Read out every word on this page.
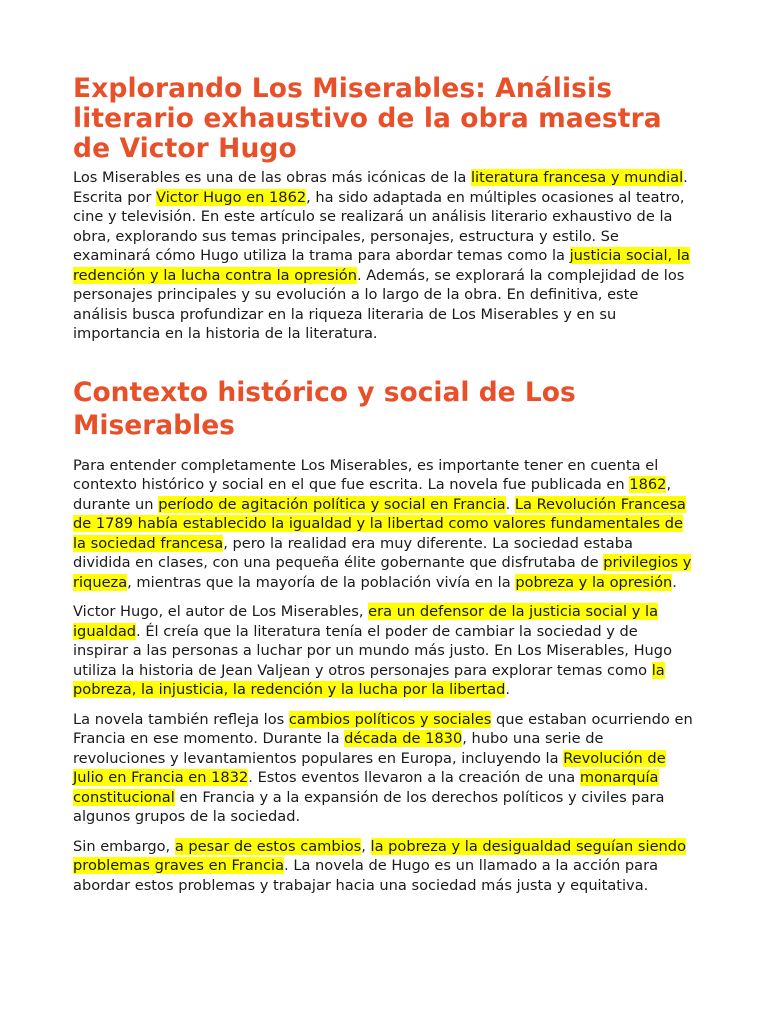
Explorando Los Miserables: Análisis literario exhaustivo de la obra maestra de Victor Hugo

Los Miserables es una de las obras más icónicas de la literatura francesa y mundial. Escrita por Victor Hugo en 1862, ha sido adaptada en múltiples ocasiones al teatro, cine y televisión. En este artículo se realizará un análisis literario exhaustivo de la obra, explorando sus temas principales, personajes, estructura y estilo. Se examinará cómo Hugo utiliza la trama para abordar temas como la justicia social, la redención y la lucha contra la opresión. Además, se explorará la complejidad de los personajes principales y su evolución a lo largo de la obra. En definitiva, este análisis busca profundizar en la riqueza literaria de Los Miserables y en su importancia en la historia de la literatura.

Contexto histórico y social de Los Miserables

Para entender completamente Los Miserables, es importante tener en cuenta el contexto histórico y social en el que fue escrita. La novela fue publicada en 1862, durante un período de agitación política y social en Francia. La Revolución Francesa de 1789 había establecido la igualdad y la libertad como valores fundamentales de la sociedad francesa, pero la realidad era muy diferente. La sociedad estaba dividida en clases, con una pequeña élite gobernante que disfrutaba de privilegios y riqueza, mientras que la mayoría de la población vivía en la pobreza y la opresión.

Victor Hugo, el autor de Los Miserables, era un defensor de la justicia social y la igualdad. Él creía que la literatura tenía el poder de cambiar la sociedad y de inspirar a las personas a luchar por un mundo más justo. En Los Miserables, Hugo utiliza la historia de Jean Valjean y otros personajes para explorar temas como la pobreza, la injusticia, la redención y la lucha por la libertad.

La novela también refleja los cambios políticos y sociales que estaban ocurriendo en Francia en ese momento. Durante la década de 1830, hubo una serie de revoluciones y levantamientos populares en Europa, incluyendo la Revolución de Julio en Francia en 1832. Estos eventos llevaron a la creación de una monarquía constitucional en Francia y a la expansión de los derechos políticos y civiles para algunos grupos de la sociedad.

Sin embargo, a pesar de estos cambios, la pobreza y la desigualdad seguían siendo problemas graves en Francia. La novela de Hugo es un llamado a la acción para abordar estos problemas y trabajar hacia una sociedad más justa y equitativa.
